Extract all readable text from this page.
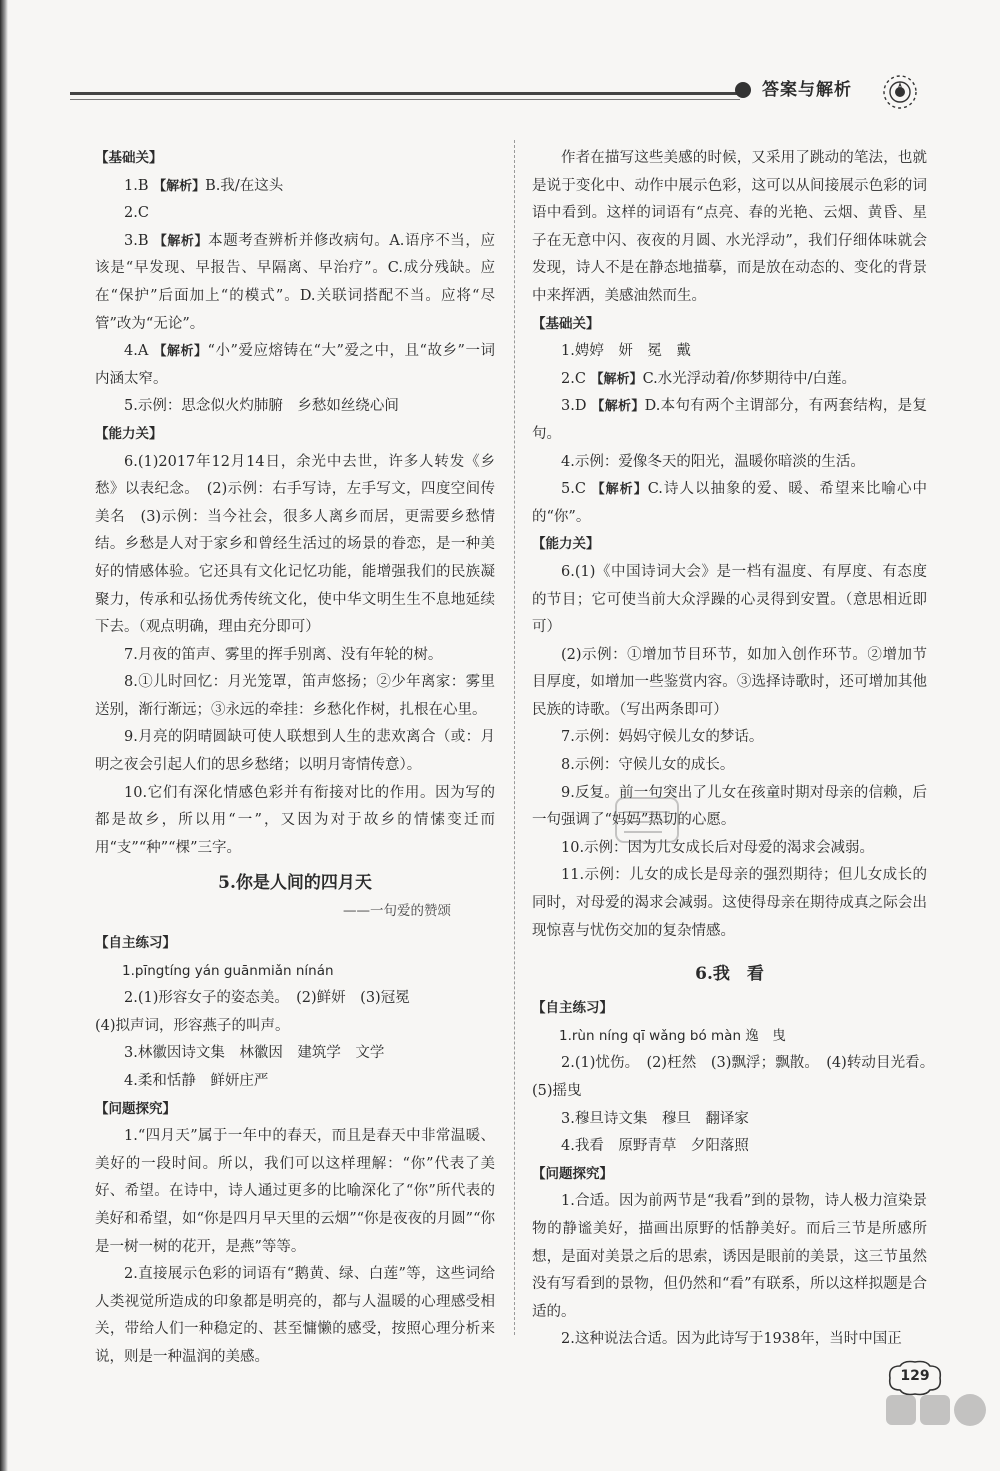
答案与解析

【基础关】

1.B 【解析】B.我/在这头

2.C

3.B 【解析】本题考查辨析并修改病句。A.语序不当，应该是“早发现、早报告、早隔离、早治疗”。C.成分残缺。应在“保护”后面加上“的模式”。D.关联词搭配不当。应将“尽管”改为“无论”。

4.A 【解析】“小”爱应熔铸在“大”爱之中，且“故乡”一词内涵太窄。

5.示例：思念似火灼肺腑　乡愁如丝绕心间

【能力关】

6.(1)2017年12月14日，余光中去世，许多人转发《乡愁》以表纪念。　(2)示例：右手写诗，左手写文，四度空间传美名　(3)示例：当今社会，很多人离乡而居，更需要乡愁情结。乡愁是人对于家乡和曾经生活过的场景的眷恋，是一种美好的情感体验。它还具有文化记忆功能，能增强我们的民族凝聚力，传承和弘扬优秀传统文化，使中华文明生生不息地延续下去。（观点明确，理由充分即可）

7.月夜的笛声、雾里的挥手别离、没有年轮的树。

8.①儿时回忆：月光笼罩，笛声悠扬；②少年离家：雾里送别，渐行渐远；③永远的牵挂：乡愁化作树，扎根在心里。

9.月亮的阴晴圆缺可使人联想到人生的悲欢离合（或：月明之夜会引起人们的思乡愁绪；以明月寄情传意）。

10.它们有深化情感色彩并有衔接对比的作用。因为写的都是故乡，所以用“一”，又因为对于故乡的情愫变迁而用“支”“种”“棵”三字。

5.你是人间的四月天

——一句爱的赞颂

【自主练习】

1.pīngtíng yán guānmiǎn nínán

2.(1)形容女子的姿态美。　(2)鲜妍　(3)冠冕

(4)拟声词，形容燕子的叫声。

3.林徽因诗文集　林徽因　建筑学　文学

4.柔和恬静　鲜妍庄严

【问题探究】

1.“四月天”属于一年中的春天，而且是春天中非常温暖、美好的一段时间。所以，我们可以这样理解：“你”代表了美好、希望。在诗中，诗人通过更多的比喻深化了“你”所代表的美好和希望，如“你是四月早天里的云烟”“你是夜夜的月圆”“你是一树一树的花开，是燕”等等。

2.直接展示色彩的词语有“鹅黄、绿、白莲”等，这些词给人类视觉所造成的印象都是明亮的，都与人温暖的心理感受相关，带给人们一种稳定的、甚至慵懒的感受，按照心理分析来说，则是一种温润的美感。

作者在描写这些美感的时候，又采用了跳动的笔法，也就是说于变化中、动作中展示色彩，这可以从间接展示色彩的词语中看到。这样的词语有“点亮、春的光艳、云烟、黄昏、星子在无意中闪、夜夜的月圆、水光浮动”，我们仔细体味就会发现，诗人不是在静态地描摹，而是放在动态的、变化的背景中来挥洒，美感油然而生。

【基础关】

1.娉婷　妍　冕　戴

2.C 【解析】C.水光浮动着/你梦期待中/白莲。

3.D 【解析】D.本句有两个主谓部分，有两套结构，是复句。

4.示例：爱像冬天的阳光，温暖你暗淡的生活。

5.C 【解析】C.诗人以抽象的爱、暖、希望来比喻心中的“你”。

【能力关】

6.(1)《中国诗词大会》是一档有温度、有厚度、有态度的节目；它可使当前大众浮躁的心灵得到安置。（意思相近即可）

(2)示例：①增加节目环节，如加入创作环节。②增加节目厚度，如增加一些鉴赏内容。③选择诗歌时，还可增加其他民族的诗歌。（写出两条即可）

7.示例：妈妈守候儿女的梦话。

8.示例：守候儿女的成长。

9.反复。前一句突出了儿女在孩童时期对母亲的信赖，后一句强调了“妈妈”热切的心愿。

10.示例：因为儿女成长后对母爱的渴求会减弱。

11.示例：儿女的成长是母亲的强烈期待；但儿女成长的同时，对母爱的渴求会减弱。这使得母亲在期待成真之际会出现惊喜与忧伤交加的复杂情感。

6.我　看

【自主练习】

1.rùn níng qī wǎng bó màn 逸　曳

2.(1)忧伤。　(2)枉然　(3)飘浮；飘散。　(4)转动目光看。　(5)摇曳

3.穆旦诗文集　穆旦　翻译家

4.我看　原野青草　夕阳落照

【问题探究】

1.合适。因为前两节是“我看”到的景物，诗人极力渲染景物的静谧美好，描画出原野的恬静美好。而后三节是所感所想，是面对美景之后的思索，诱因是眼前的美景，这三节虽然没有写看到的景物，但仍然和“看”有联系，所以这样拟题是合适的。

2.这种说法合适。因为此诗写于1938年，当时中国正

129
